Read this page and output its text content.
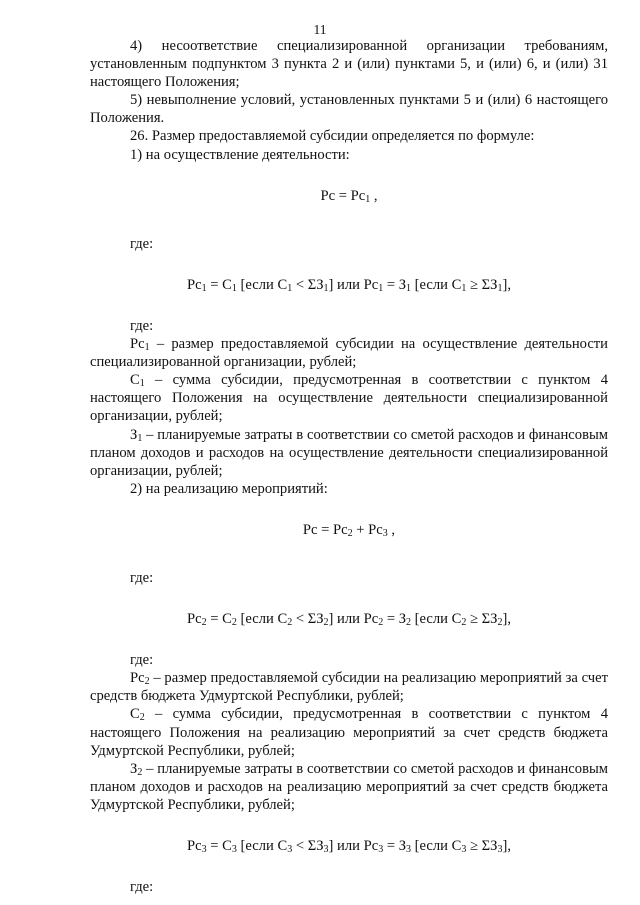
11

4) несоответствие специализированной организации требованиям, установленным подпунктом 3 пункта 2 и (или) пунктами 5, и (или) 6, и (или) 31 настоящего Положения;

5) невыполнение условий, установленных пунктами 5 и (или) 6 настоящего Положения.

26. Размер предоставляемой субсидии определяется по формуле:

1) на осуществление деятельности:

Рс = $Рс_1$ ,
где:
$Рс_1 = С_1$ [если $С_1 < \Sigma З_1$] или $Рс_1 = З_1$ [если $С_1 \ge \Sigma З_1$],
где:

$Рс_1$ – размер предоставляемой субсидии на осуществление деятельности специализированной организации, рублей;

$С_1$ – сумма субсидии, предусмотренная в соответствии с пунктом 4 настоящего Положения на осуществление деятельности специализированной организации, рублей;

$З_1$ – планируемые затраты в соответствии со сметой расходов и финансовым планом доходов и расходов на осуществление деятельности специализированной организации, рублей;

2) на реализацию мероприятий:

Рс = $Рс_2 + Рс_3$ ,
где:
$Рс_2 = С_2$ [если $С_2 < \Sigma З_2$] или $Рс_2 = З_2$ [если $С_2 \ge \Sigma З_2$],
где:

$Рс_2$ – размер предоставляемой субсидии на реализацию мероприятий за счет средств бюджета Удмуртской Республики, рублей;

$С_2$ – сумма субсидии, предусмотренная в соответствии с пунктом 4 настоящего Положения на реализацию мероприятий за счет средств бюджета Удмуртской Республики, рублей;

$З_2$ – планируемые затраты в соответствии со сметой расходов и финансовым планом доходов и расходов на реализацию мероприятий за счет средств бюджета Удмуртской Республики, рублей;

$Рс_3 = С_3$ [если $С_3 < \Sigma З_3$] или $Рс_3 = З_3$ [если $С_3 \ge \Sigma З_3$],
где:
